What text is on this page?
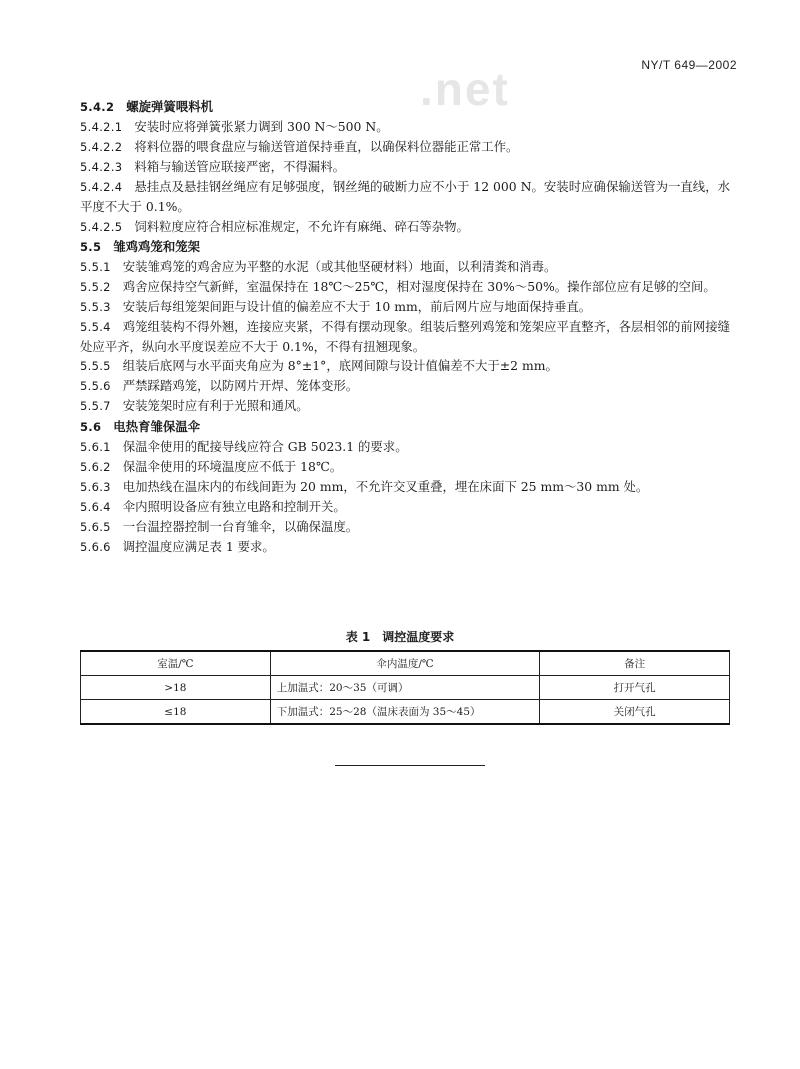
.net	NY/T 649—2002
5.4.2 螺旋弹簧喂料机
5.4.2.1 安装时应将弹簧张紧力调到 300 N～500 N。
5.4.2.2 将料位器的喂食盘应与输送管道保持垂直，以确保料位器能正常工作。
5.4.2.3 料箱与输送管应联接严密，不得漏料。
5.4.2.4 悬挂点及悬挂钢丝绳应有足够强度，钢丝绳的破断力应不小于 12 000 N。安装时应确保输送管为一直线，水平度不大于 0.1%。
5.4.2.5 饲料粒度应符合相应标准规定，不允许有麻绳、碎石等杂物。
5.5 雏鸡鸡笼和笼架
5.5.1 安装雏鸡笼的鸡舍应为平整的水泥（或其他坚硬材料）地面，以利清粪和消毒。
5.5.2 鸡舍应保持空气新鲜，室温保持在 18℃～25℃，相对湿度保持在 30%～50%。操作部位应有足够的空间。
5.5.3 安装后每组笼架间距与设计值的偏差应不大于 10 mm，前后网片应与地面保持垂直。
5.5.4 鸡笼组装构不得外翘，连接应夹紧，不得有摆动现象。组装后整列鸡笼和笼架应平直整齐，各层相邻的前网接缝处应平齐，纵向水平度误差应不大于 0.1%，不得有扭翘现象。
5.5.5 组装后底网与水平面夹角应为 8°±1°，底网间隙与设计值偏差不大于±2 mm。
5.5.6 严禁踩踏鸡笼，以防网片开焊、笼体变形。
5.5.7 安装笼架时应有利于光照和通风。
5.6 电热育雏保温伞
5.6.1 保温伞使用的配接导线应符合 GB 5023.1 的要求。
5.6.2 保温伞使用的环境温度应不低于 18℃。
5.6.3 电加热线在温床内的布线间距为 20 mm，不允许交叉重叠，埋在床面下 25 mm～30 mm 处。
5.6.4 伞内照明设备应有独立电路和控制开关。
5.6.5 一台温控器控制一台育雏伞，以确保温度。
5.6.6 调控温度应满足表 1 要求。
表 1　调控温度要求
室温/℃	伞内温度/℃	备注
>18	上加温式：20～35（可调）	打开气孔
≤18	下加温式：25～28（温床表面为 35～45）	关闭气孔
